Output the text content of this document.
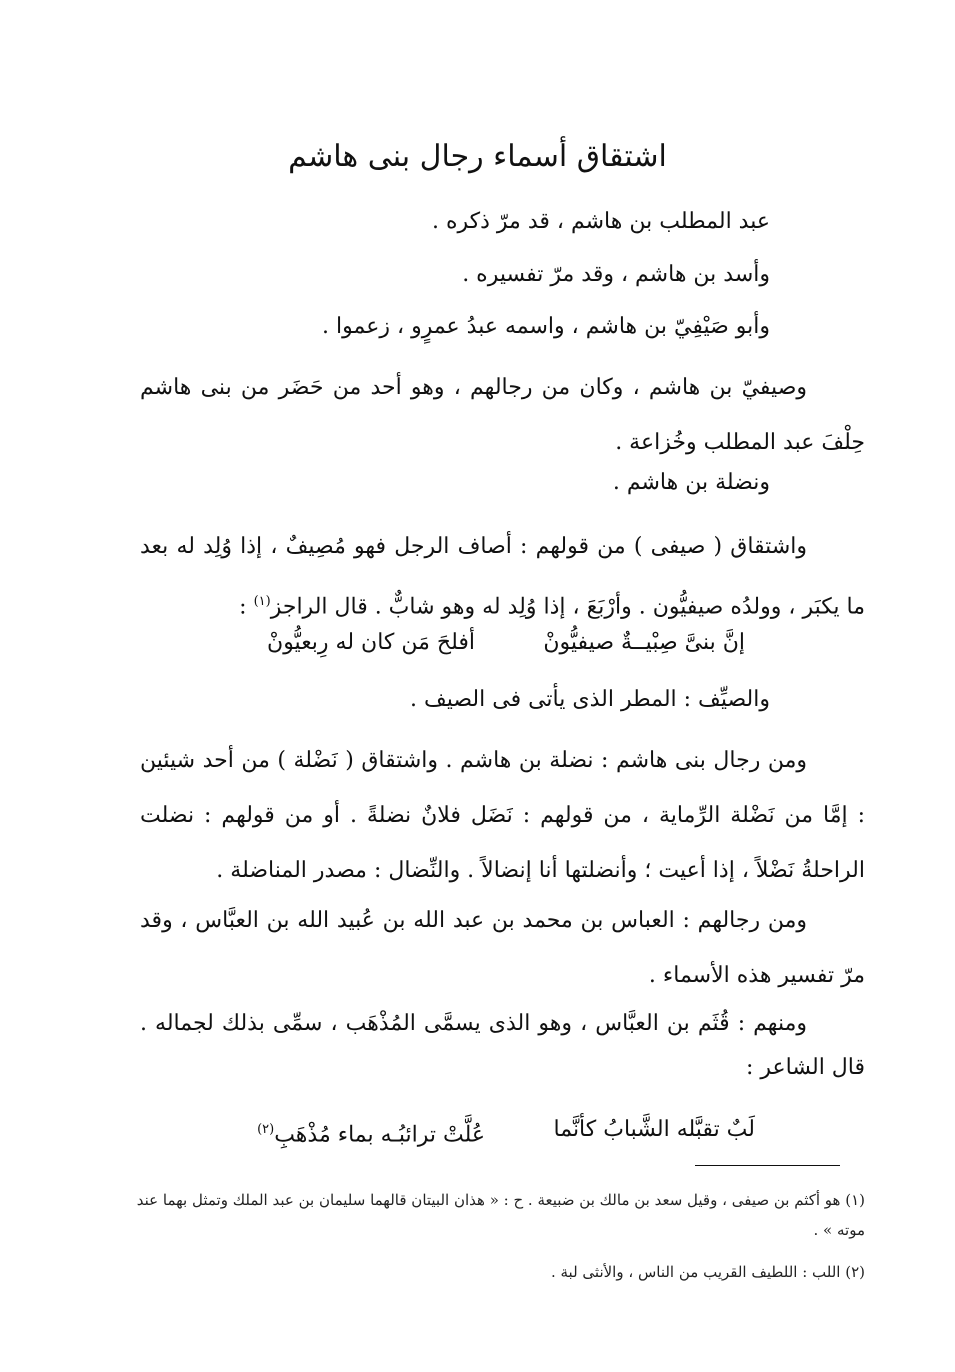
اشتقاق أسماء رجال بنى هاشم
عبد المطلب بن هاشم ، قد مرّ ذكره .
وأسد بن هاشم ، وقد مرّ تفسيره .
وأبو صَيْفِيّ بن هاشم ، واسمه عبدُ عمرٍو ، زعموا .
وصيفيّ بن هاشم ، وكان من رجالهم ، وهو أحد من حَضَر من بنى هاشم حِلْفَ عبد المطلب وخُزاعة .
ونضلة بن هاشم .
واشتقاق ( صيفى ) من قولهم : أصاف الرجل فهو مُصِيفٌ ، إذا وُلِد له بعد ما يكبَر ، وولدُه صيفيُّون . وأرْبَعَ ، إذا وُلِد له وهو شابٌّ . قال الراجز$^{(١)}$ :
إنَّ بنىَّ صِبْيــةٌ صيفيُّونْ
أفلحَ مَن كان له رِبعيُّونْ
والصيِّف : المطر الذى يأتى فى الصيف .
ومن رجال بنى هاشم : نضلة بن هاشم . واشتقاق ( نَضْلة ) من أحد شيئين : إمَّا من نَضْلة الرِّماية ، من قولهم : نَضَل فلانٌ نضلةً . أو من قولهم : نضلت الراحلةُ نَضْلاً ، إذا أعيت ؛ وأنضلتها أنا إنضالاً . والنِّضال : مصدر المناضلة .
ومن رجالهم : العباس بن محمد بن عبد الله بن عُبيد الله بن العبَّاس ، وقد مرّ تفسير هذه الأسماء .
ومنهم : قُثَم بن العبَّاس ، وهو الذى يسمَّى المُذْهَب ، سمِّى بذلك لجماله . قال الشاعر :
لَبٌ تقبَّله الشَّبابُ كأنَّما
عُلَّتْ ترائبُـه بماء مُذْهَبِ$^{(٢)}$
(١) هو أكثم بن صيفى ، وقيل سعد بن مالك بن ضبيعة . ح : « هذان البيتان قالهما سليمان بن عبد الملك وتمثل بهما عند موته » .
(٢) اللب : اللطيف القريب من الناس ، والأنثى لبة .
